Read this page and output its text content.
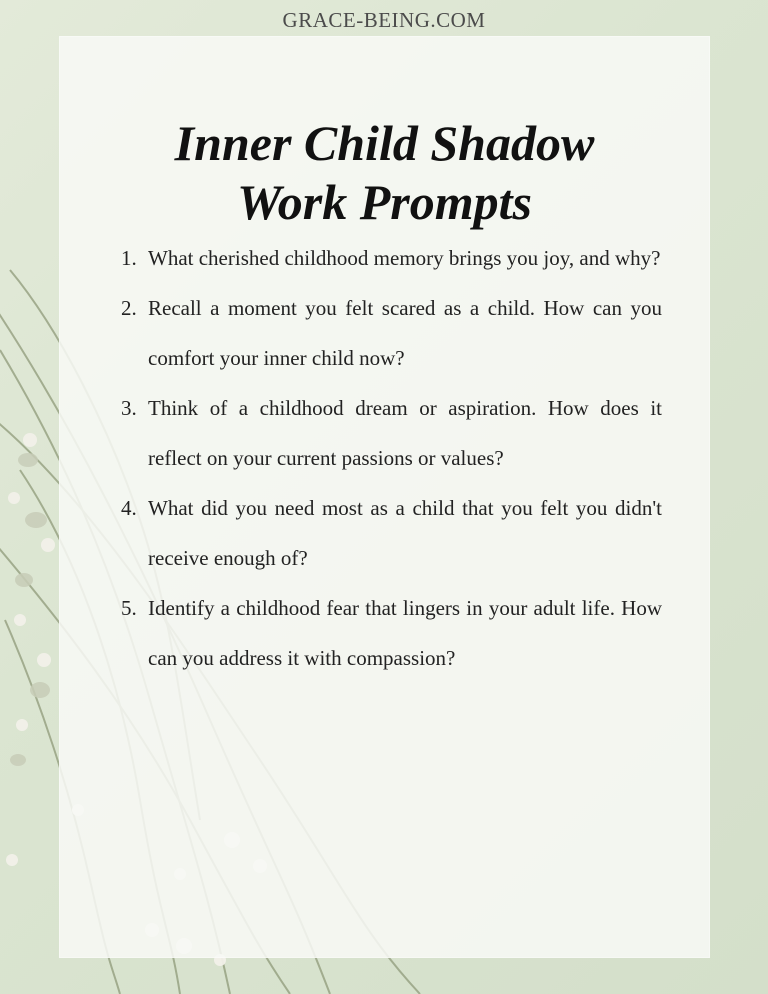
GRACE-BEING.COM
Inner Child Shadow
Work Prompts
1. What cherished childhood memory brings you joy, and why?
2. Recall a moment you felt scared as a child. How can you comfort your inner child now?
3. Think of a childhood dream or aspiration. How does it reflect on your current passions or values?
4. What did you need most as a child that you felt you didn't receive enough of?
5. Identify a childhood fear that lingers in your adult life. How can you address it with compassion?
